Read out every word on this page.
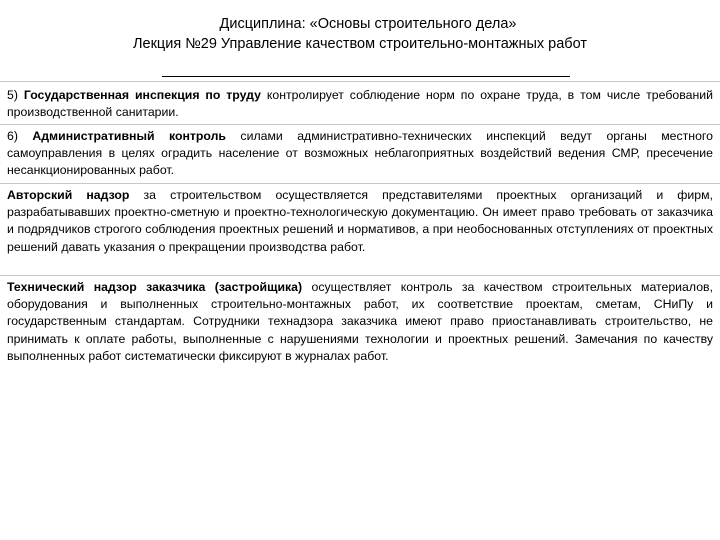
Дисциплина: «Основы строительного дела»
Лекция №29 Управление качеством строительно-монтажных работ
5) Государственная инспекция по труду контролирует соблюдение норм по охране труда, в том числе требований производственной санитарии.
6) Административный контроль силами административно-технических инспекций ведут органы местного самоуправления в целях оградить население от возможных неблагоприятных воздействий ведения СМР, пресечение несанкционированных работ.
Авторский надзор за строительством осуществляется представителями проектных организаций и фирм, разрабатывавших проектно-сметную и проектно-технологическую документацию. Он имеет право требовать от заказчика и подрядчиков строгого соблюдения проектных решений и нормативов, а при необоснованных отступлениях от проектных решений давать указания о прекращении производства работ.
Технический надзор заказчика (застройщика) осуществляет контроль за качеством строительных материалов, оборудования и выполненных строительно-монтажных работ, их соответствие проектам, сметам, СНиПу и государственным стандартам. Сотрудники технадзора заказчика имеют право приостанавливать строительство, не принимать к оплате работы, выполненные с нарушениями технологии и проектных решений. Замечания по качеству выполненных работ систематически фиксируют в журналах работ.
